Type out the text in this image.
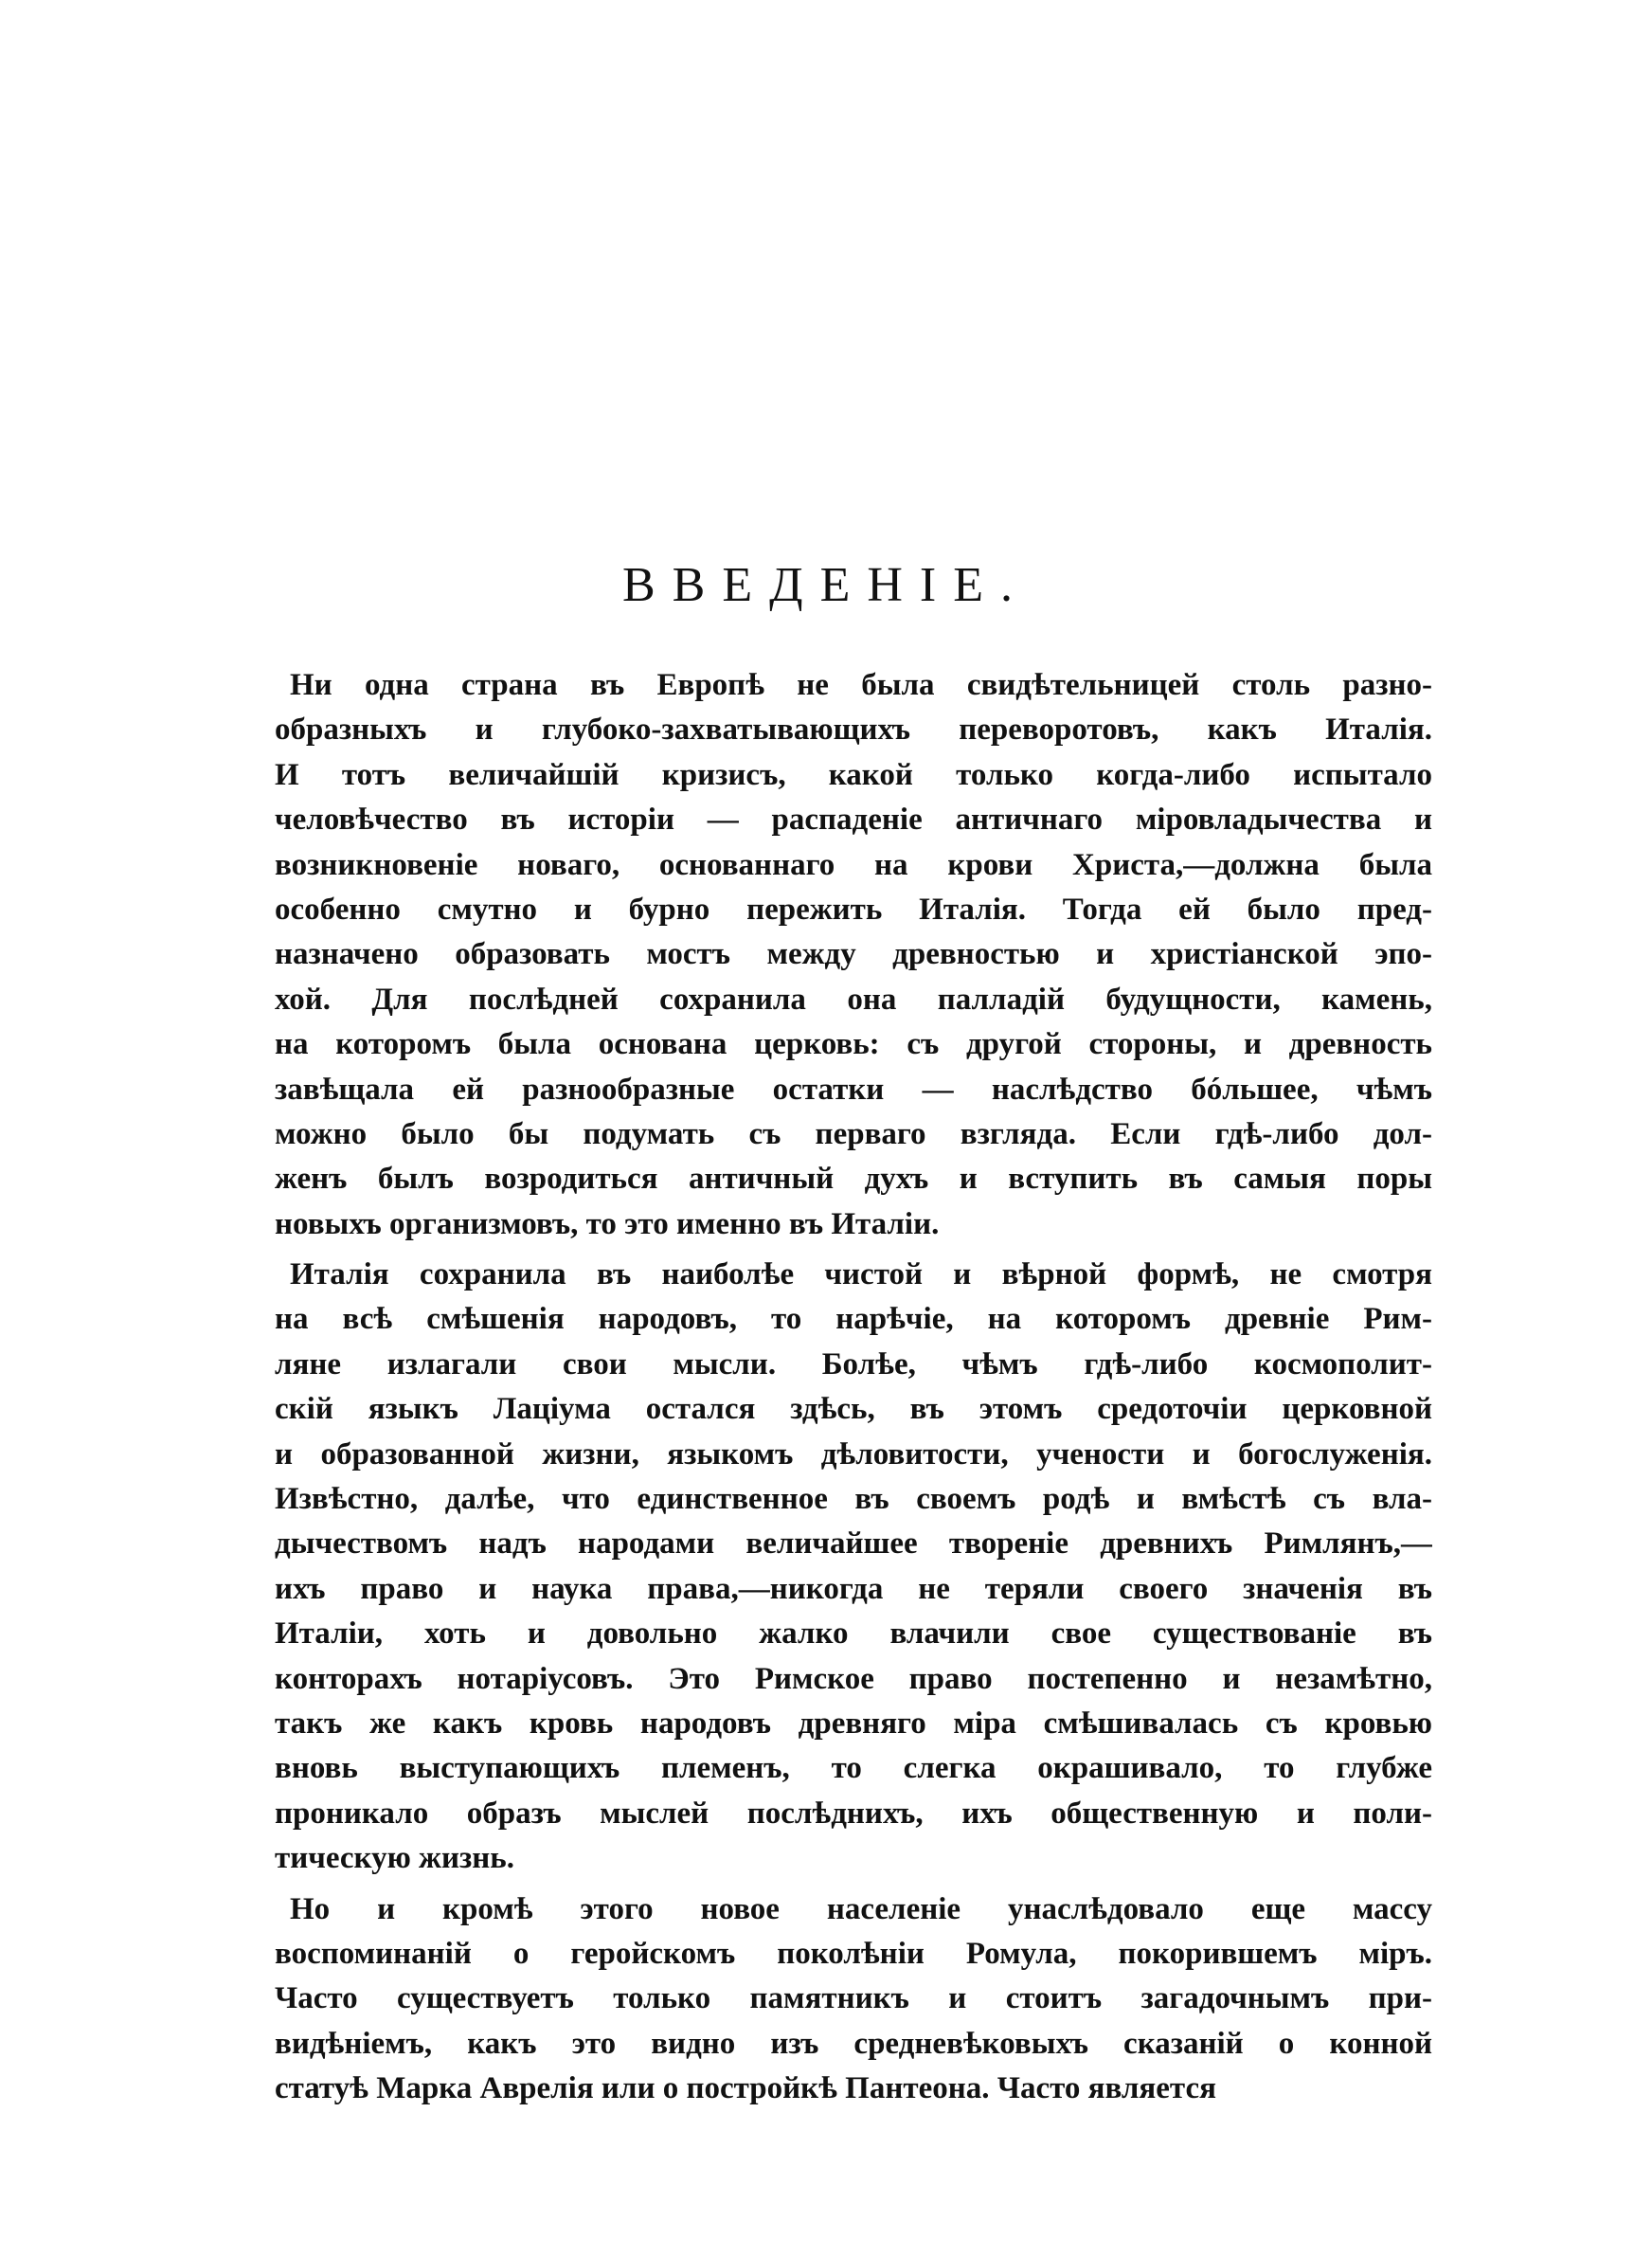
ВВЕДЕНІЕ.
Ни одна страна въ Европѣ не была свидѣтельницей столь разно-
образныхъ и глубоко-захватывающихъ переворотовъ, какъ Италія.
И тотъ величайшій кризисъ, какой только когда-либо испытало
человѣчество въ исторіи — распаденіе античнаго міровладычества и
возникновеніе новаго, основаннаго на крови Христа,—должна была
особенно смутно и бурно пережить Италія. Тогда ей было пред-
назначено образовать мостъ между древностью и христіанской эпо-
хой. Для послѣдней сохранила она палладій будущности, камень,
на которомъ была основана церковь: съ другой стороны, и древность
завѣщала ей разнообразные остатки — наслѣдство бóльшее, чѣмъ
можно было бы подумать съ перваго взгляда. Если гдѣ-либо дол-
женъ былъ возродиться античный духъ и вступить въ самыя поры
новыхъ организмовъ, то это именно въ Италіи.
Италія сохранила въ наиболѣе чистой и вѣрной формѣ, не смотря
на всѣ смѣшенія народовъ, то нарѣчіе, на которомъ древніе Рим-
ляне излагали свои мысли. Болѣе, чѣмъ гдѣ-либо космополит-
скій языкъ Лаціума остался здѣсь, въ этомъ средоточіи церковной
и образованной жизни, языкомъ дѣловитости, учености и богослуженія.
Извѣстно, далѣе, что единственное въ своемъ родѣ и вмѣстѣ съ вла-
дычествомъ надъ народами величайшее твореніе древнихъ Римлянъ,—
ихъ право и наука права,—никогда не теряли своего значенія въ
Италіи, хоть и довольно жалко влачили свое существованіе въ
конторахъ нотаріусовъ. Это Римское право постепенно и незамѣтно,
такъ же какъ кровь народовъ древняго міра смѣшивалась съ кровью
вновь выступающихъ племенъ, то слегка окрашивало, то глубже
проникало образъ мыслей послѣднихъ, ихъ общественную и поли-
тическую жизнь.
Но и кромѣ этого новое населеніе унаслѣдовало еще массу
воспоминаній о геройскомъ поколѣніи Ромула, покорившемъ міръ.
Часто существуетъ только памятникъ и стоитъ загадочнымъ при-
видѣніемъ, какъ это видно изъ средневѣковыхъ сказаній о конной
статуѣ Марка Аврелія или о постройкѣ Пантеона. Часто является
